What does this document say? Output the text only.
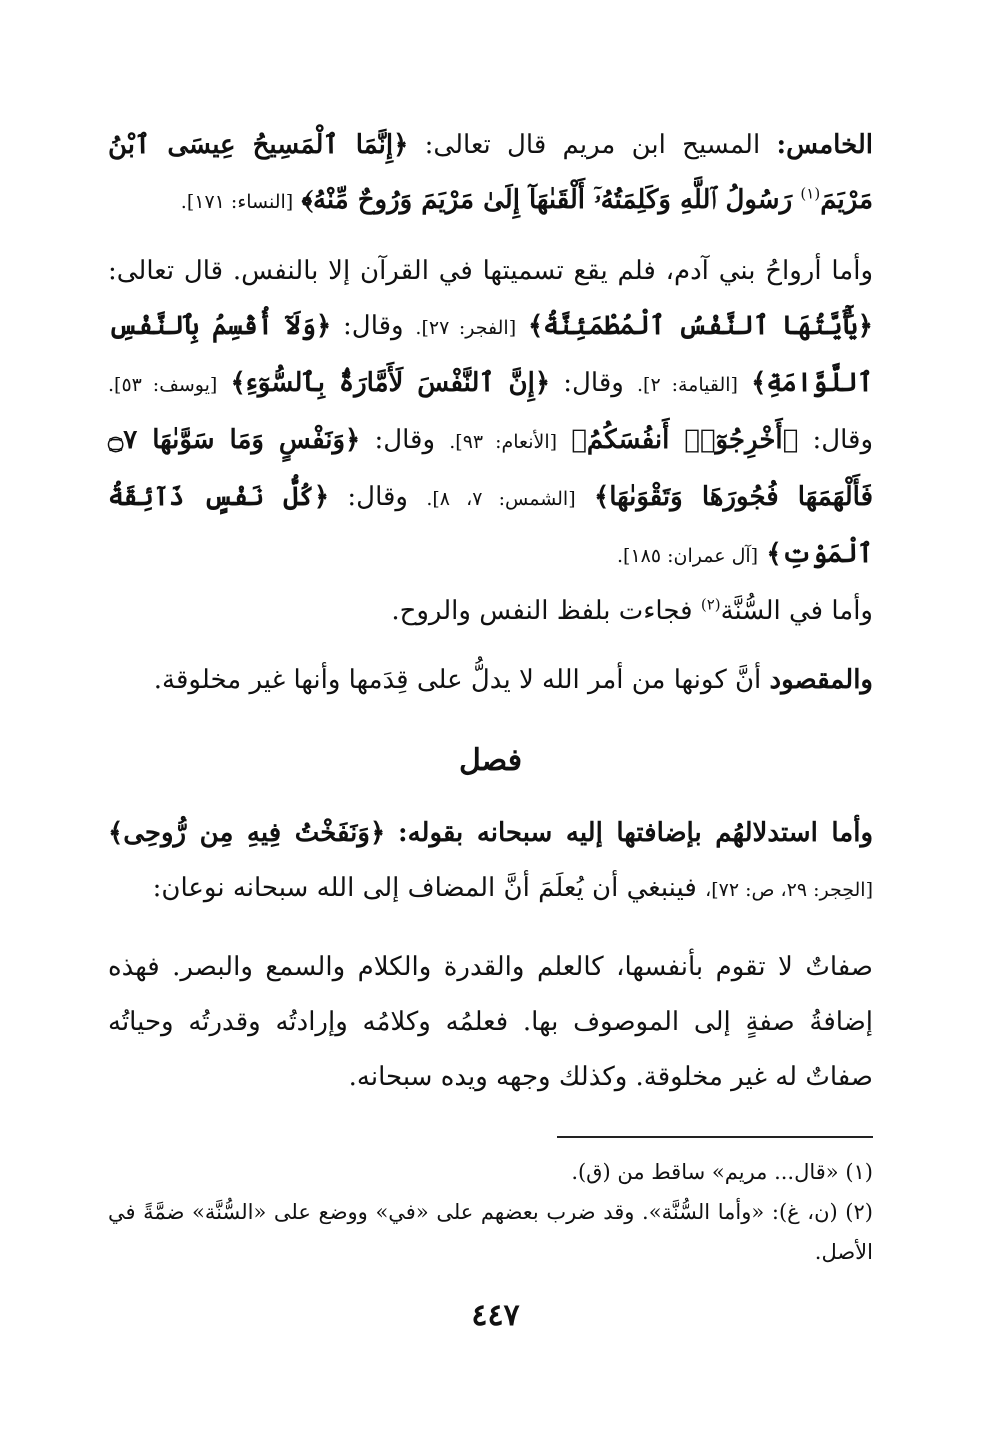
الخامس: المسيح ابن مريم قال تعالى: ﴿إِنَّمَا ٱلْمَسِيحُ عِيسَى ٱبْنُ مَرْيَمَ$^{(١)}$ رَسُولُ ٱللَّهِ وَكَلِمَتُهُۥٓ أَلْقَىٰهَآ إِلَىٰ مَرْيَمَ وَرُوحٌ مِّنْهُ﴾ [النساء: ١٧١].

وأما أرواحُ بني آدم، فلم يقع تسميتها في القرآن إلا بالنفس. قال تعالى: ﴿يَٰٓأَيَّتُهَا ٱلنَّفْسُ ٱلْمُطْمَئِنَّةُ﴾ [الفجر: ٢٧]. وقال: ﴿وَلَآ أُقْسِمُ بِٱلنَّفْسِ ٱللَّوَّامَةِ﴾ [القيامة: ٢]. وقال: ﴿إِنَّ ٱلنَّفْسَ لَأَمَّارَةٌۢ بِٱلسُّوٓءِ﴾ [يوسف: ٥٣]. وقال: ﴿أَخْرِجُوٓا۟ أَنفُسَكُمُ﴾ [الأنعام: ٩٣]. وقال: ﴿وَنَفْسٍ وَمَا سَوَّىٰهَا ۝٧ فَأَلْهَمَهَا فُجُورَهَا وَتَقْوَىٰهَا﴾ [الشمس: ٧، ٨]. وقال: ﴿كُلُّ نَفْسٍ ذَآئِقَةُ ٱلْمَوْتِ﴾ [آل عمران: ١٨٥].
وأما في السُّنَّة$^{(٢)}$ فجاءت بلفظ النفس والروح.

والمقصود أنَّ كونها من أمر الله لا يدلُّ على قِدَمها وأنها غير مخلوقة.

فصل

وأما استدلالهُم بإضافتها إليه سبحانه بقوله: ﴿وَنَفَخْتُ فِيهِ مِن رُّوحِى﴾ [الحِجر: ٢٩، ص: ٧٢]، فينبغي أن يُعلَمَ أنَّ المضاف إلى الله سبحانه نوعان:

صفاتٌ لا تقوم بأنفسها، كالعلم والقدرة والكلام والسمع والبصر. فهذه إضافةُ صفةٍ إلى الموصوف بها. فعلمُه وكلامُه وإرادتُه وقدرتُه وحياتُه صفاتٌ له غير مخلوقة. وكذلك وجهه ويده سبحانه.

(١) «قال... مريم» ساقط من (ق).

(٢) (ن، غ): «وأما السُّنَّة». وقد ضرب بعضهم على «في» ووضع على «السُّنَّة» ضمَّةً في الأصل.

٤٤٧
